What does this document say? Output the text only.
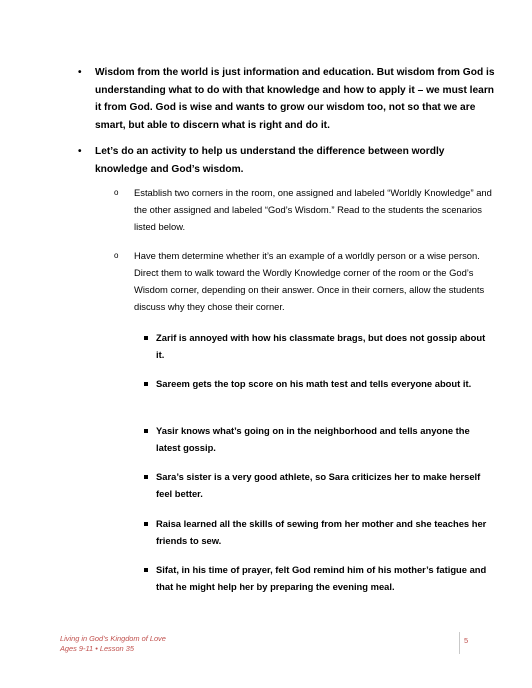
•	Wisdom from the world is just information and education. But wisdom from God is understanding what to do with that knowledge and how to apply it – we must learn it from God. God is wise and wants to grow our wisdom too, not so that we are smart, but able to discern what is right and do it.
•	Let’s do an activity to help us understand the difference between wordly knowledge and God’s wisdom.
o	Establish two corners in the room, one assigned and labeled “Worldly Knowledge” and the other assigned and labeled “God’s Wisdom.” Read to the students the scenarios listed below.
o	Have them determine whether it’s an example of a worldly person or a wise person. Direct them to walk toward the Wordly Knowledge corner of the room or the God’s Wisdom corner, depending on their answer. Once in their corners, allow the students discuss why they chose their corner.
Zarif is annoyed with how his classmate brags, but does not gossip about it.
Sareem gets the top score on his math test and tells everyone about it.
Yasir knows what’s going on in the neighborhood and tells anyone the latest gossip.
Sara’s sister is a very good athlete, so Sara criticizes her to make herself feel better.
Raisa learned all the skills of sewing from her mother and she teaches her friends to sew.
Sifat, in his time of prayer, felt God remind him of his mother’s fatigue and that he might help her by preparing the evening meal.
Living in God’s Kingdom of Love
Ages 9-11 • Lesson 35
5
